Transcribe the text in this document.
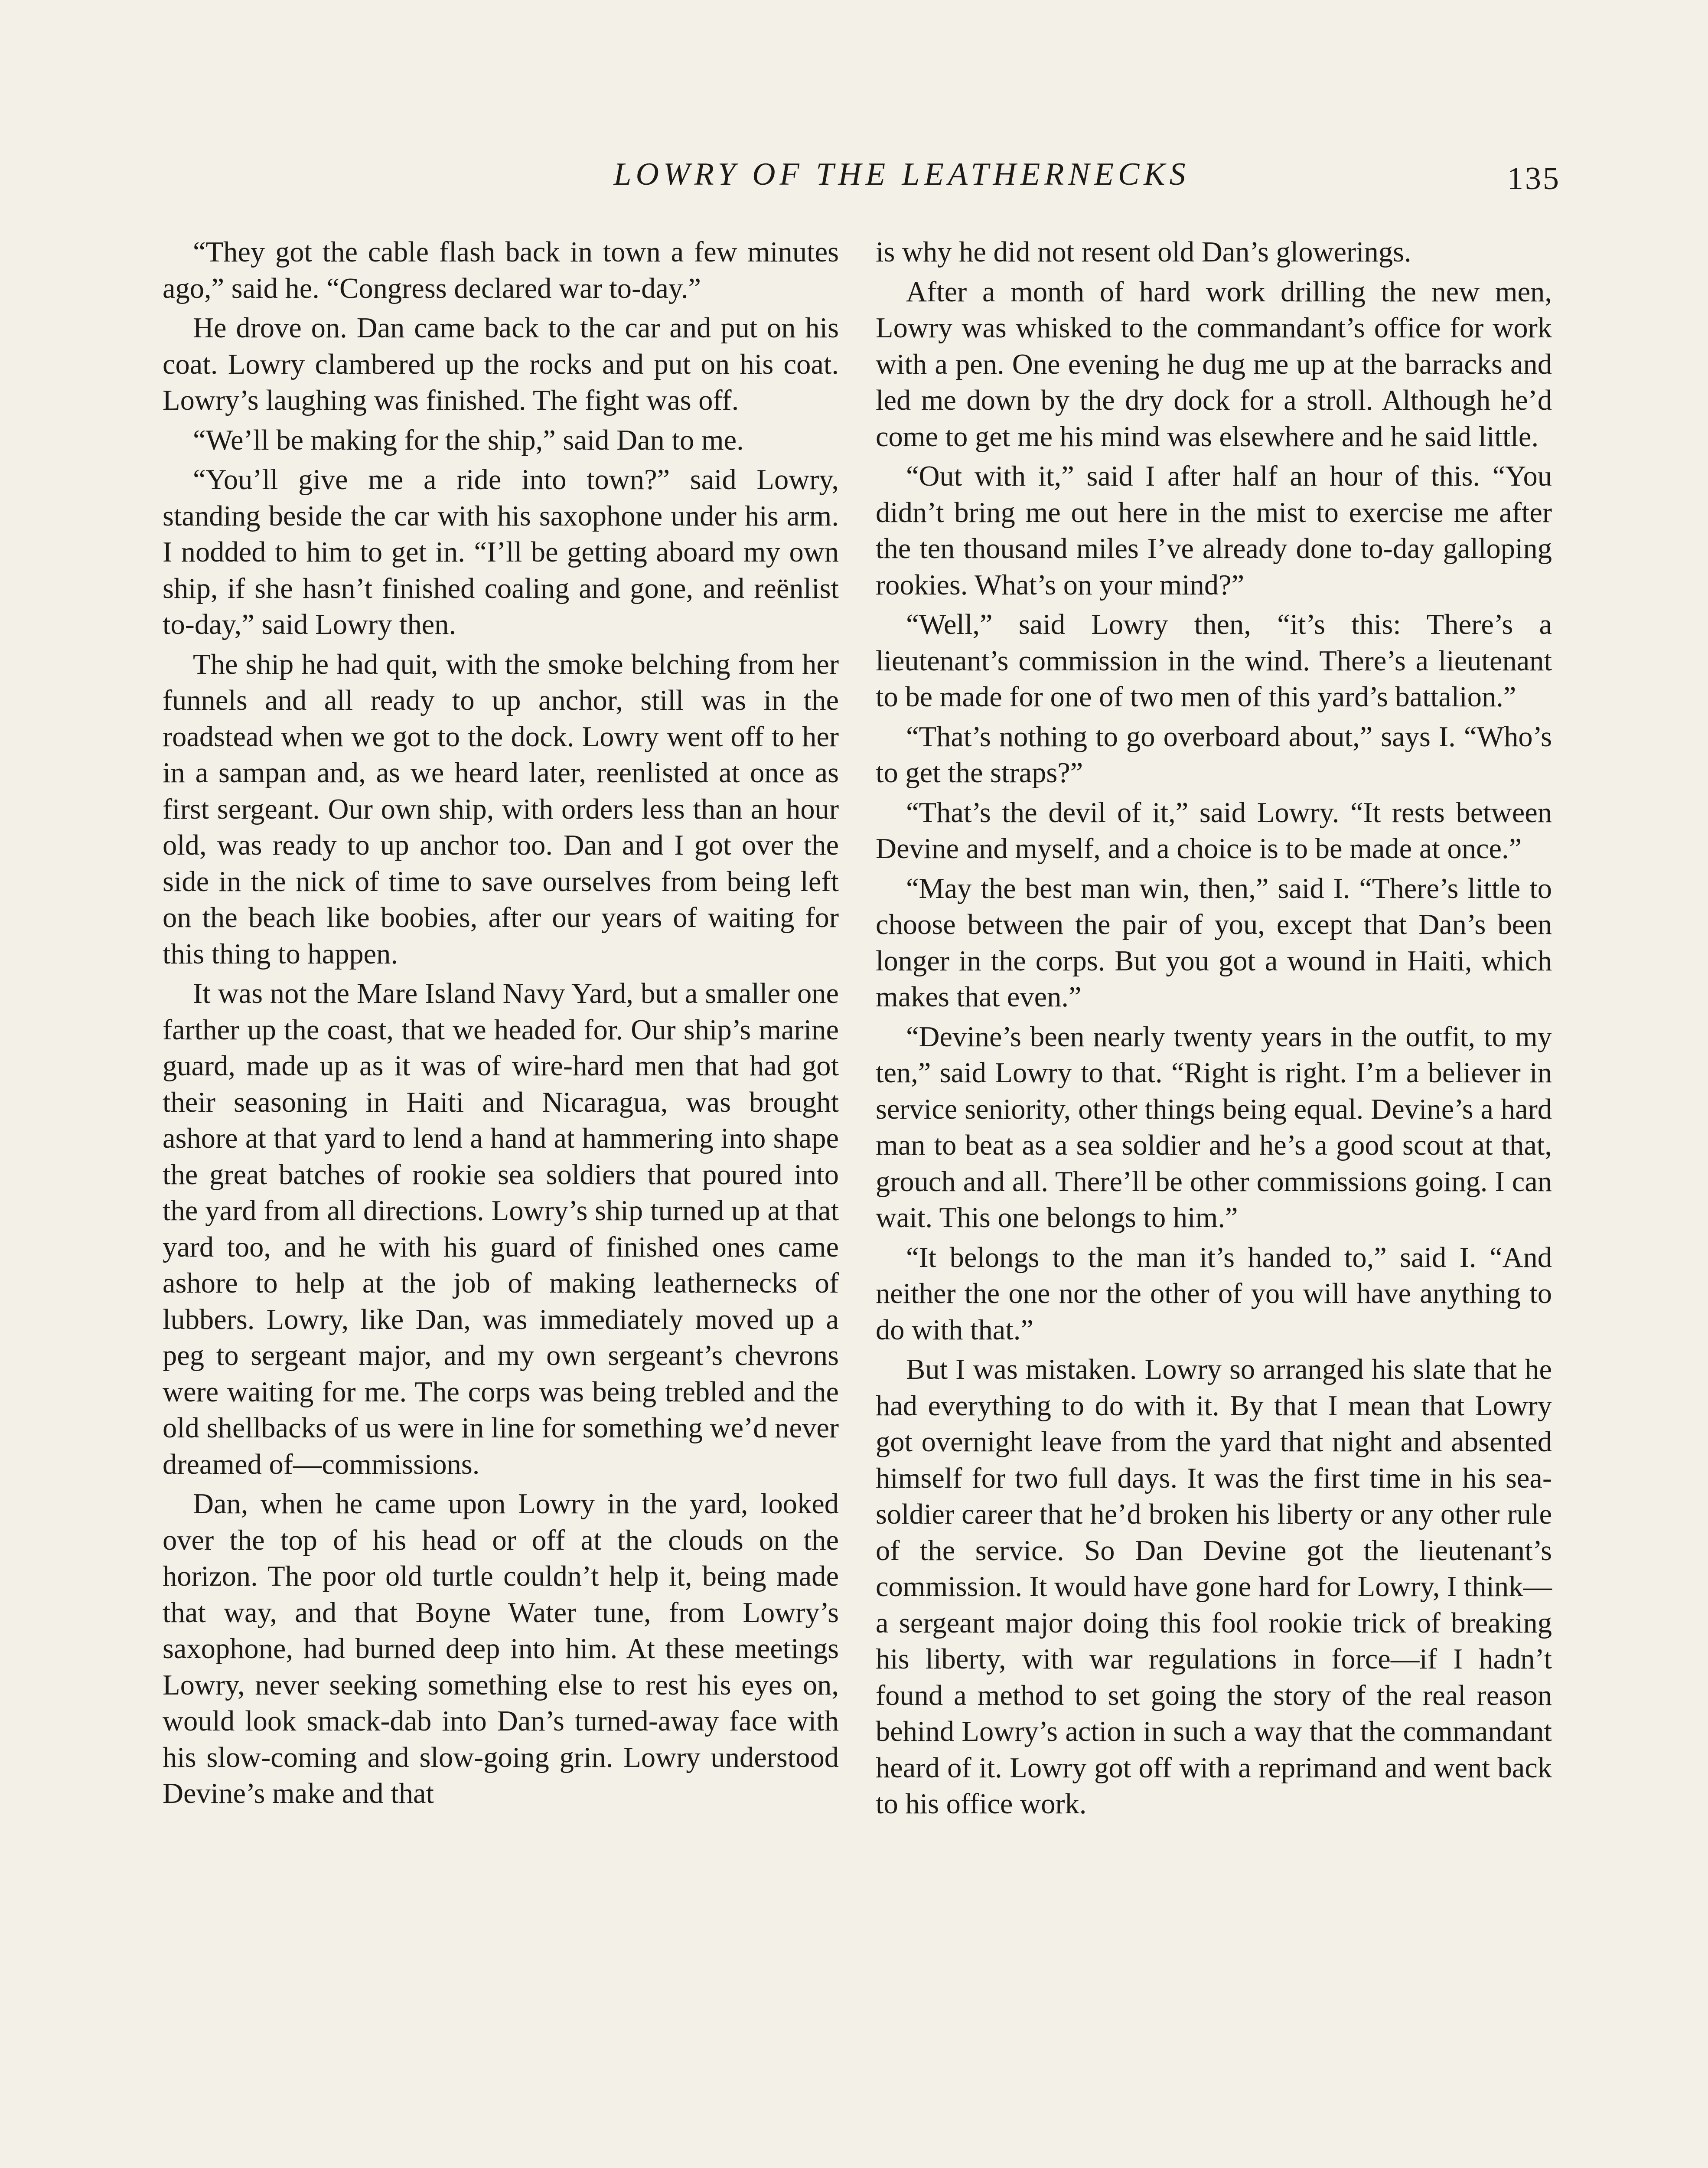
LOWRY OF THE LEATHERNECKS	135

“They got the cable flash back in town a few minutes ago,” said he. “Congress declared war to-day.”

He drove on. Dan came back to the car and put on his coat. Lowry clambered up the rocks and put on his coat. Lowry’s laughing was finished. The fight was off.

“We’ll be making for the ship,” said Dan to me.

“You’ll give me a ride into town?” said Lowry, standing beside the car with his saxophone under his arm. I nodded to him to get in. “I’ll be getting aboard my own ship, if she hasn’t finished coaling and gone, and reënlist to-day,” said Lowry then.

The ship he had quit, with the smoke belching from her funnels and all ready to up anchor, still was in the roadstead when we got to the dock. Lowry went off to her in a sampan and, as we heard later, reenlisted at once as first sergeant. Our own ship, with orders less than an hour old, was ready to up anchor too. Dan and I got over the side in the nick of time to save ourselves from being left on the beach like boobies, after our years of waiting for this thing to happen.

It was not the Mare Island Navy Yard, but a smaller one farther up the coast, that we headed for. Our ship’s marine guard, made up as it was of wire-hard men that had got their seasoning in Haiti and Nicaragua, was brought ashore at that yard to lend a hand at hammering into shape the great batches of rookie sea soldiers that poured into the yard from all directions. Lowry’s ship turned up at that yard too, and he with his guard of finished ones came ashore to help at the job of making leathernecks of lubbers. Lowry, like Dan, was immediately moved up a peg to sergeant major, and my own sergeant’s chevrons were waiting for me. The corps was being trebled and the old shellbacks of us were in line for something we’d never dreamed of—commissions.

Dan, when he came upon Lowry in the yard, looked over the top of his head or off at the clouds on the horizon. The poor old turtle couldn’t help it, being made that way, and that Boyne Water tune, from Lowry’s saxophone, had burned deep into him. At these meetings Lowry, never seeking something else to rest his eyes on, would look smack-dab into Dan’s turned-away face with his slow-coming and slow-going grin. Lowry understood Devine’s make and that

is why he did not resent old Dan’s glowerings.

After a month of hard work drilling the new men, Lowry was whisked to the commandant’s office for work with a pen. One evening he dug me up at the barracks and led me down by the dry dock for a stroll. Although he’d come to get me his mind was elsewhere and he said little.

“Out with it,” said I after half an hour of this. “You didn’t bring me out here in the mist to exercise me after the ten thousand miles I’ve already done to-day galloping rookies. What’s on your mind?”

“Well,” said Lowry then, “it’s this: There’s a lieutenant’s commission in the wind. There’s a lieutenant to be made for one of two men of this yard’s battalion.”

“That’s nothing to go overboard about,” says I. “Who’s to get the straps?”

“That’s the devil of it,” said Lowry. “It rests between Devine and myself, and a choice is to be made at once.”

“May the best man win, then,” said I. “There’s little to choose between the pair of you, except that Dan’s been longer in the corps. But you got a wound in Haiti, which makes that even.”

“Devine’s been nearly twenty years in the outfit, to my ten,” said Lowry to that. “Right is right. I’m a believer in service seniority, other things being equal. Devine’s a hard man to beat as a sea soldier and he’s a good scout at that, grouch and all. There’ll be other commissions going. I can wait. This one belongs to him.”

“It belongs to the man it’s handed to,” said I. “And neither the one nor the other of you will have anything to do with that.”

But I was mistaken. Lowry so arranged his slate that he had everything to do with it. By that I mean that Lowry got overnight leave from the yard that night and absented himself for two full days. It was the first time in his sea-soldier career that he’d broken his liberty or any other rule of the service. So Dan Devine got the lieutenant’s commission. It would have gone hard for Lowry, I think—a sergeant major doing this fool rookie trick of breaking his liberty, with war regulations in force—if I hadn’t found a method to set going the story of the real reason behind Lowry’s action in such a way that the commandant heard of it. Lowry got off with a reprimand and went back to his office work.
